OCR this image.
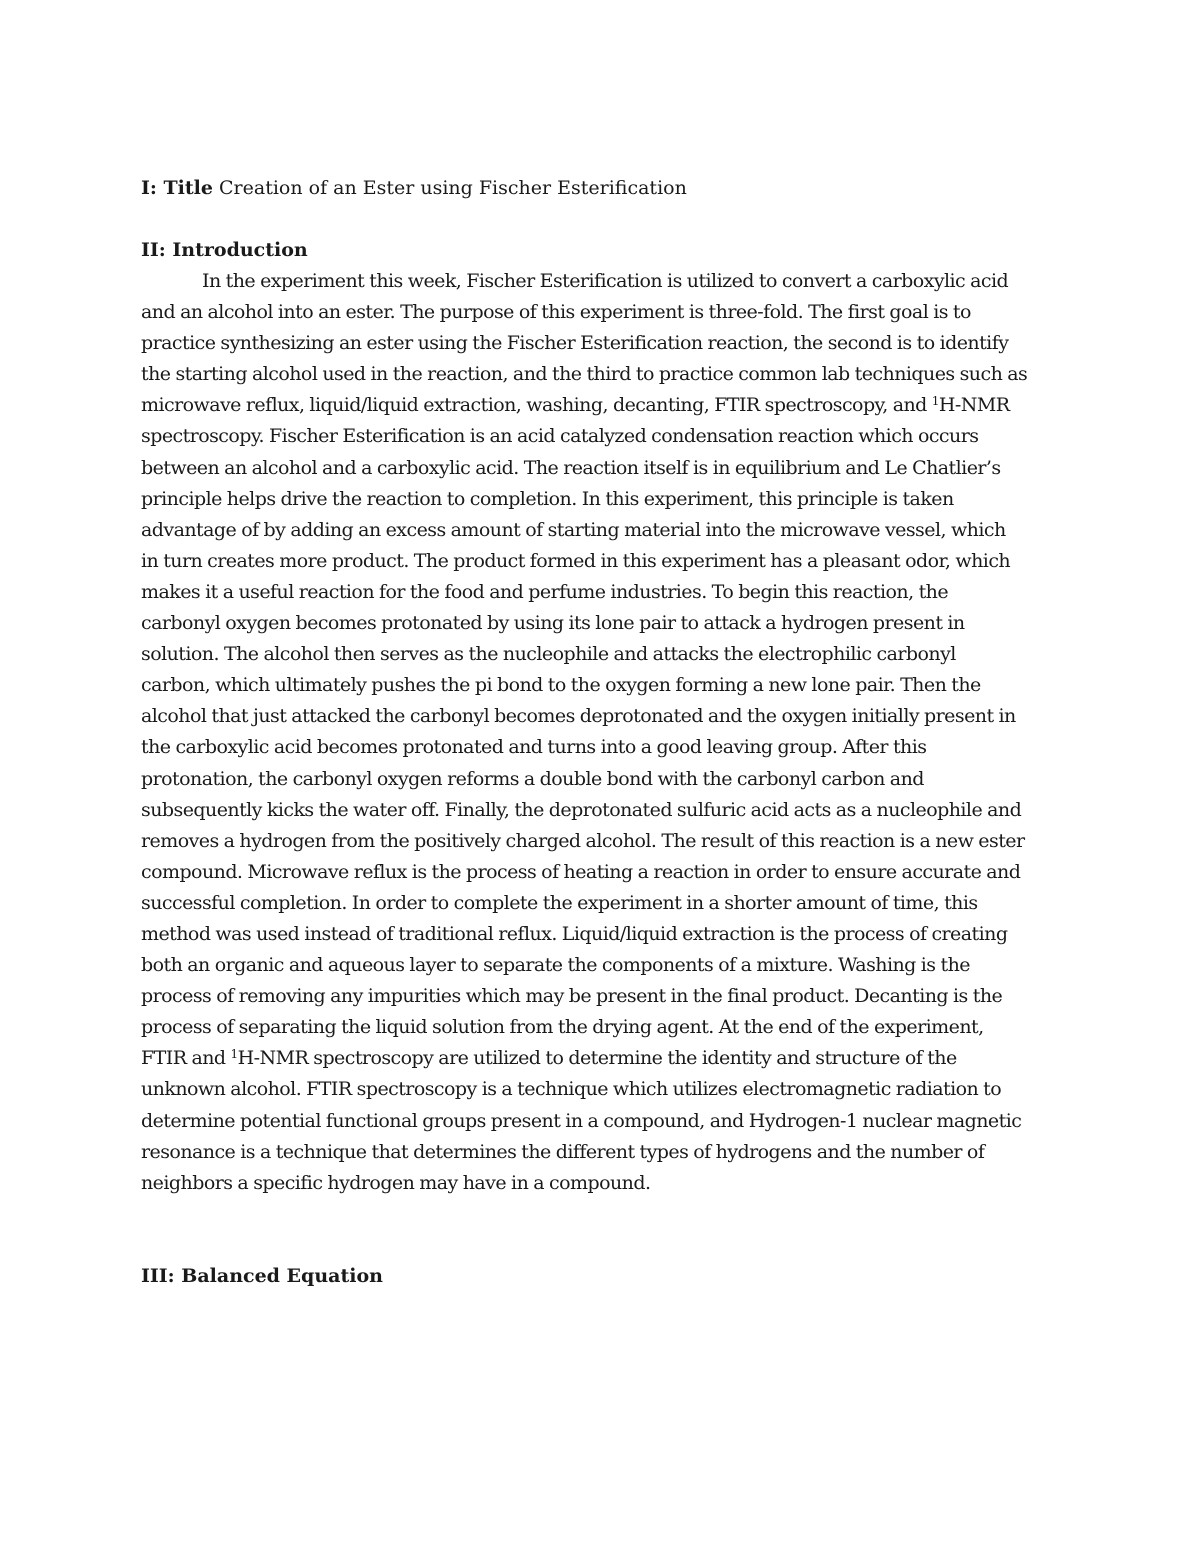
I: Title Creation of an Ester using Fischer Esterification
II: Introduction
In the experiment this week, Fischer Esterification is utilized to convert a carboxylic acid
and an alcohol into an ester. The purpose of this experiment is three-fold. The first goal is to
practice synthesizing an ester using the Fischer Esterification reaction, the second is to identify
the starting alcohol used in the reaction, and the third to practice common lab techniques such as
microwave reflux, liquid/liquid extraction, washing, decanting, FTIR spectroscopy, and $^1$H-NMR
spectroscopy. Fischer Esterification is an acid catalyzed condensation reaction which occurs
between an alcohol and a carboxylic acid. The reaction itself is in equilibrium and Le Chatlier’s
principle helps drive the reaction to completion. In this experiment, this principle is taken
advantage of by adding an excess amount of starting material into the microwave vessel, which
in turn creates more product. The product formed in this experiment has a pleasant odor, which
makes it a useful reaction for the food and perfume industries. To begin this reaction, the
carbonyl oxygen becomes protonated by using its lone pair to attack a hydrogen present in
solution. The alcohol then serves as the nucleophile and attacks the electrophilic carbonyl
carbon, which ultimately pushes the pi bond to the oxygen forming a new lone pair. Then the
alcohol that just attacked the carbonyl becomes deprotonated and the oxygen initially present in
the carboxylic acid becomes protonated and turns into a good leaving group. After this
protonation, the carbonyl oxygen reforms a double bond with the carbonyl carbon and
subsequently kicks the water off. Finally, the deprotonated sulfuric acid acts as a nucleophile and
removes a hydrogen from the positively charged alcohol. The result of this reaction is a new ester
compound. Microwave reflux is the process of heating a reaction in order to ensure accurate and
successful completion. In order to complete the experiment in a shorter amount of time, this
method was used instead of traditional reflux. Liquid/liquid extraction is the process of creating
both an organic and aqueous layer to separate the components of a mixture. Washing is the
process of removing any impurities which may be present in the final product. Decanting is the
process of separating the liquid solution from the drying agent. At the end of the experiment,
FTIR and $^1$H-NMR spectroscopy are utilized to determine the identity and structure of the
unknown alcohol. FTIR spectroscopy is a technique which utilizes electromagnetic radiation to
determine potential functional groups present in a compound, and Hydrogen-1 nuclear magnetic
resonance is a technique that determines the different types of hydrogens and the number of
neighbors a specific hydrogen may have in a compound.
III: Balanced Equation
